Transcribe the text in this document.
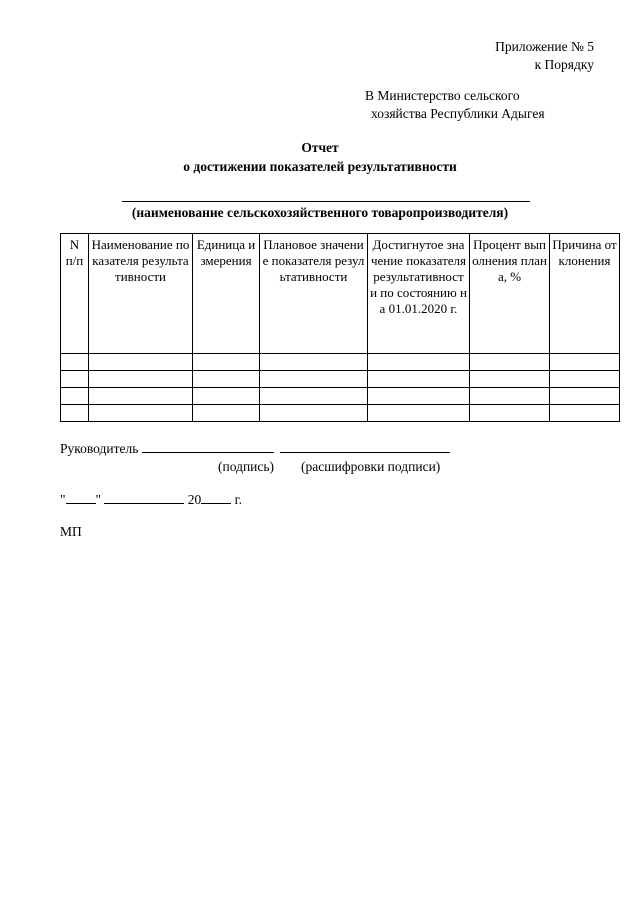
Приложение № 5
к Порядку
В Министерство сельского
хозяйства Республики Адыгея
Отчет
о достижении показателей результативности
(наименование сельскохозяйственного товаропроизводителя)
N п/п	Наименование показателя результативности	Единица измерения	Плановое значение показателя результативности	Достигнутое значение показателя результативности по состоянию на 01.01.2020 г.	Процент выполнения плана, %	Причина отклонения

Руководитель
(подпись) (расшифровки подписи)
" "	20 г.
МП
